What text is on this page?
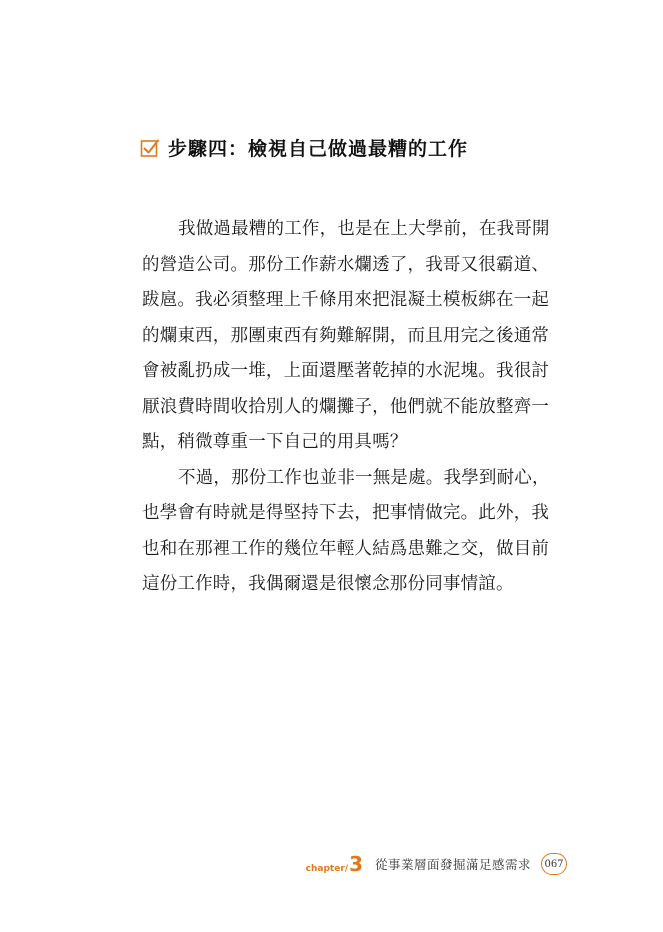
步驟四：檢視自己做過最糟的工作

我做過最糟的工作，也是在上大學前，在我哥開
的營造公司。那份工作薪水爛透了，我哥又很霸道、
跋扈。我必須整理上千條用來把混凝土模板綁在一起
的爛東西，那團東西有夠難解開，而且用完之後通常
會被亂扔成一堆，上面還壓著乾掉的水泥塊。我很討
厭浪費時間收拾別人的爛攤子，他們就不能放整齊一
點，稍微尊重一下自己的用具嗎？

不過，那份工作也並非一無是處。我學到耐心，
也學會有時就是得堅持下去，把事情做完。此外，我
也和在那裡工作的幾位年輕人結爲患難之交，做目前
這份工作時，我偶爾還是很懷念那份同事情誼。

chapter/ 3 從事業層面發掘滿足感需求	067
